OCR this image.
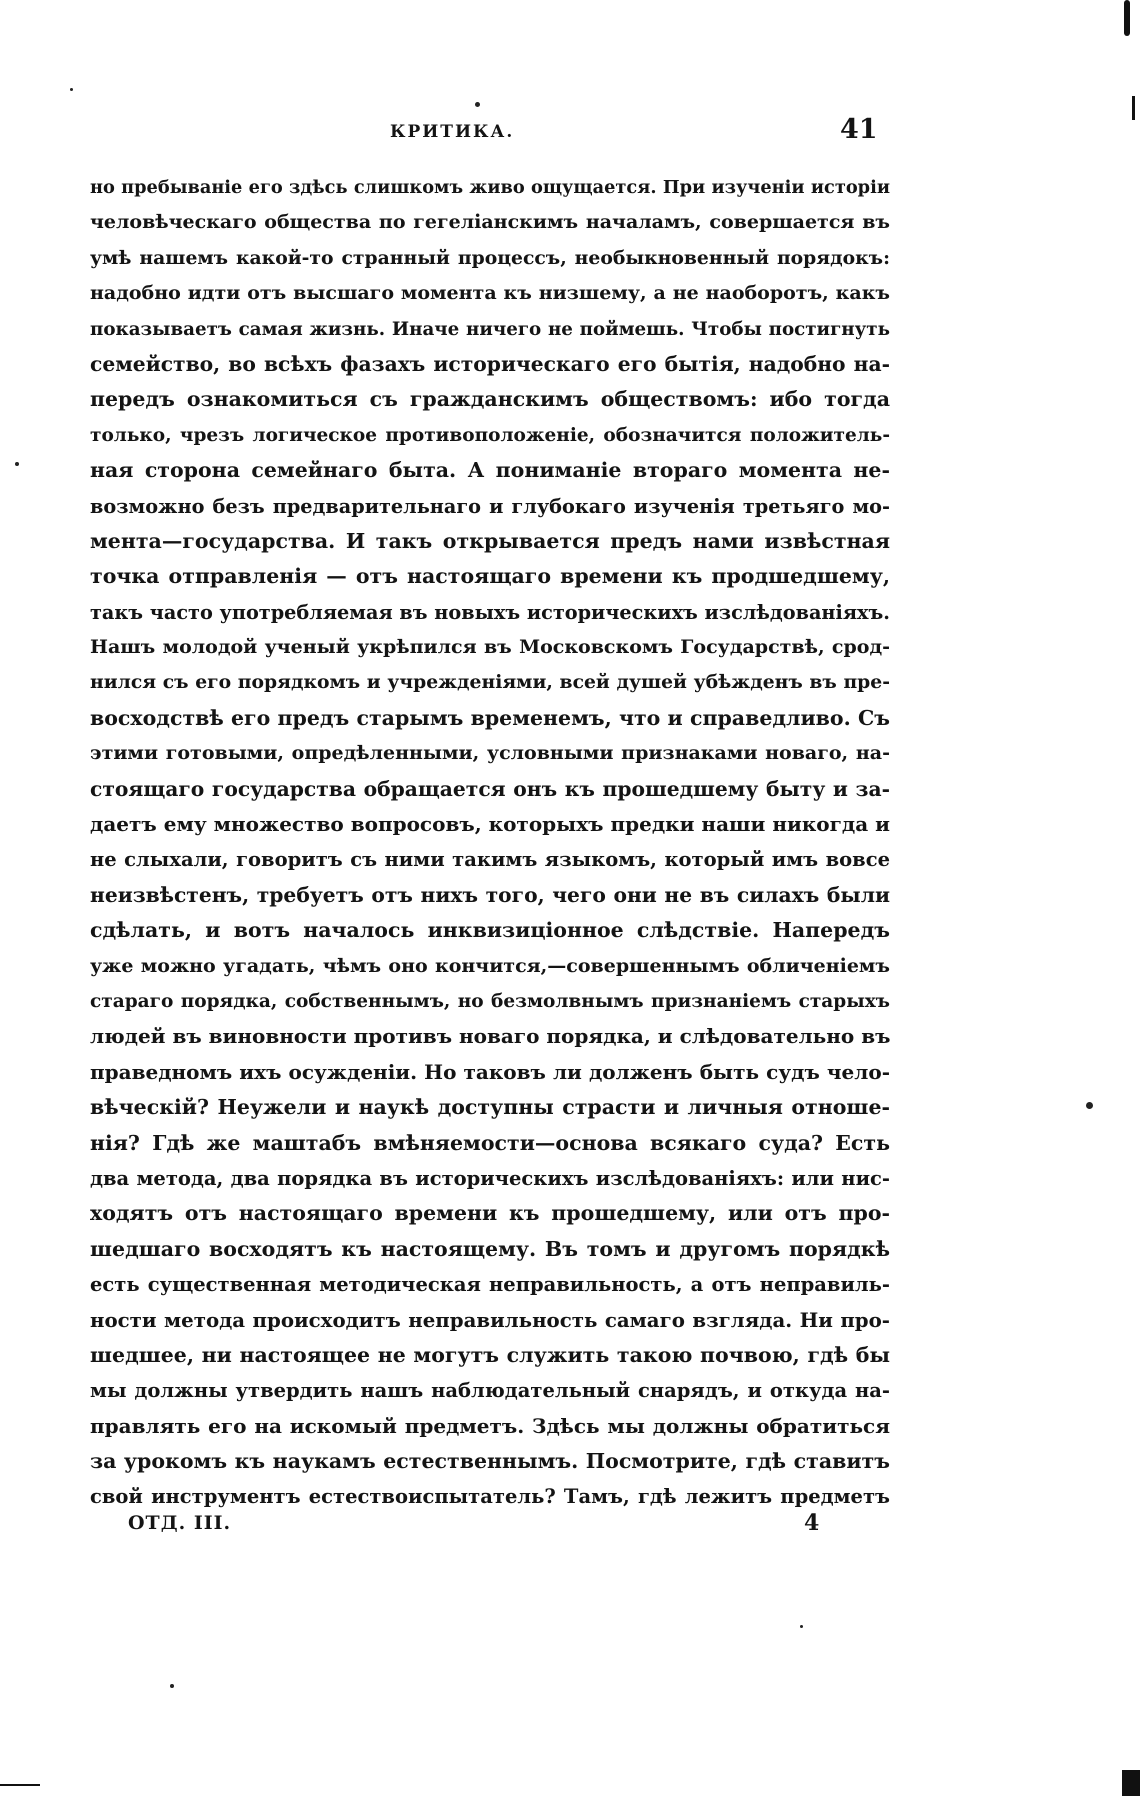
КРИТИКА.	41
но пребываніе его здѣсь слишкомъ живо ощущается. При изученіи исторіи
человѣческаго общества по гегеліанскимъ началамъ, совершается въ
умѣ нашемъ какой-то странный процессъ, необыкновенный порядокъ:
надобно идти отъ высшаго момента къ низшему, а не наоборотъ, какъ
показываетъ самая жизнь. Иначе ничего не поймешь. Чтобы постигнуть
семейство, во всѣхъ фазахъ историческаго его бытія, надобно на-
передъ ознакомиться съ гражданскимъ обществомъ: ибо тогда
только, чрезъ логическое противоположеніе, обозначится положитель-
ная сторона семейнаго быта. А пониманіе втораго момента не-
возможно безъ предварительнаго и глубокаго изученія третьяго мо-
мента—государства. И такъ открывается предъ нами извѣстная
точка отправленія — отъ настоящаго времени къ продшедшему,
такъ часто употребляемая въ новыхъ историческихъ изслѣдованіяхъ.
Нашъ молодой ученый укрѣпился въ Московскомъ Государствѣ, срод-
нился съ его порядкомъ и учрежденіями, всей душей убѣжденъ въ пре-
восходствѣ его предъ старымъ временемъ, что и справедливо. Съ
этими готовыми, опредѣленными, условными признаками новаго, на-
стоящаго государства обращается онъ къ прошедшему быту и за-
даетъ ему множество вопросовъ, которыхъ предки наши никогда и
не слыхали, говоритъ съ ними такимъ языкомъ, который имъ вовсе
неизвѣстенъ, требуетъ отъ нихъ того, чего они не въ силахъ были
сдѣлать, и вотъ началось инквизиціонное слѣдствіе. Напередъ
уже можно угадать, чѣмъ оно кончится,—совершеннымъ обличеніемъ
стараго порядка, собственнымъ, но безмолвнымъ признаніемъ старыхъ
людей въ виновности противъ новаго порядка, и слѣдовательно въ
праведномъ ихъ осужденіи. Но таковъ ли долженъ быть судъ чело-
вѣческій? Неужели и наукѣ доступны страсти и личныя отноше-
нія? Гдѣ же маштабъ вмѣняемости—основа всякаго суда? Есть
два метода, два порядка въ историческихъ изслѣдованіяхъ: или нис-
ходятъ отъ настоящаго времени къ прошедшему, или отъ про-
шедшаго восходятъ къ настоящему. Въ томъ и другомъ порядкѣ
есть существенная методическая неправильность, а отъ неправиль-
ности метода происходитъ неправильность самаго взгляда. Ни про-
шедшее, ни настоящее не могутъ служить такою почвою, гдѣ бы
мы должны утвердить нашъ наблюдательный снарядъ, и откуда на-
правлять его на искомый предметъ. Здѣсь мы должны обратиться
за урокомъ къ наукамъ естественнымъ. Посмотрите, гдѣ ставитъ
свой инструментъ естествоиспытатель? Тамъ, гдѣ лежитъ предметъ
ОТД. III.	4
